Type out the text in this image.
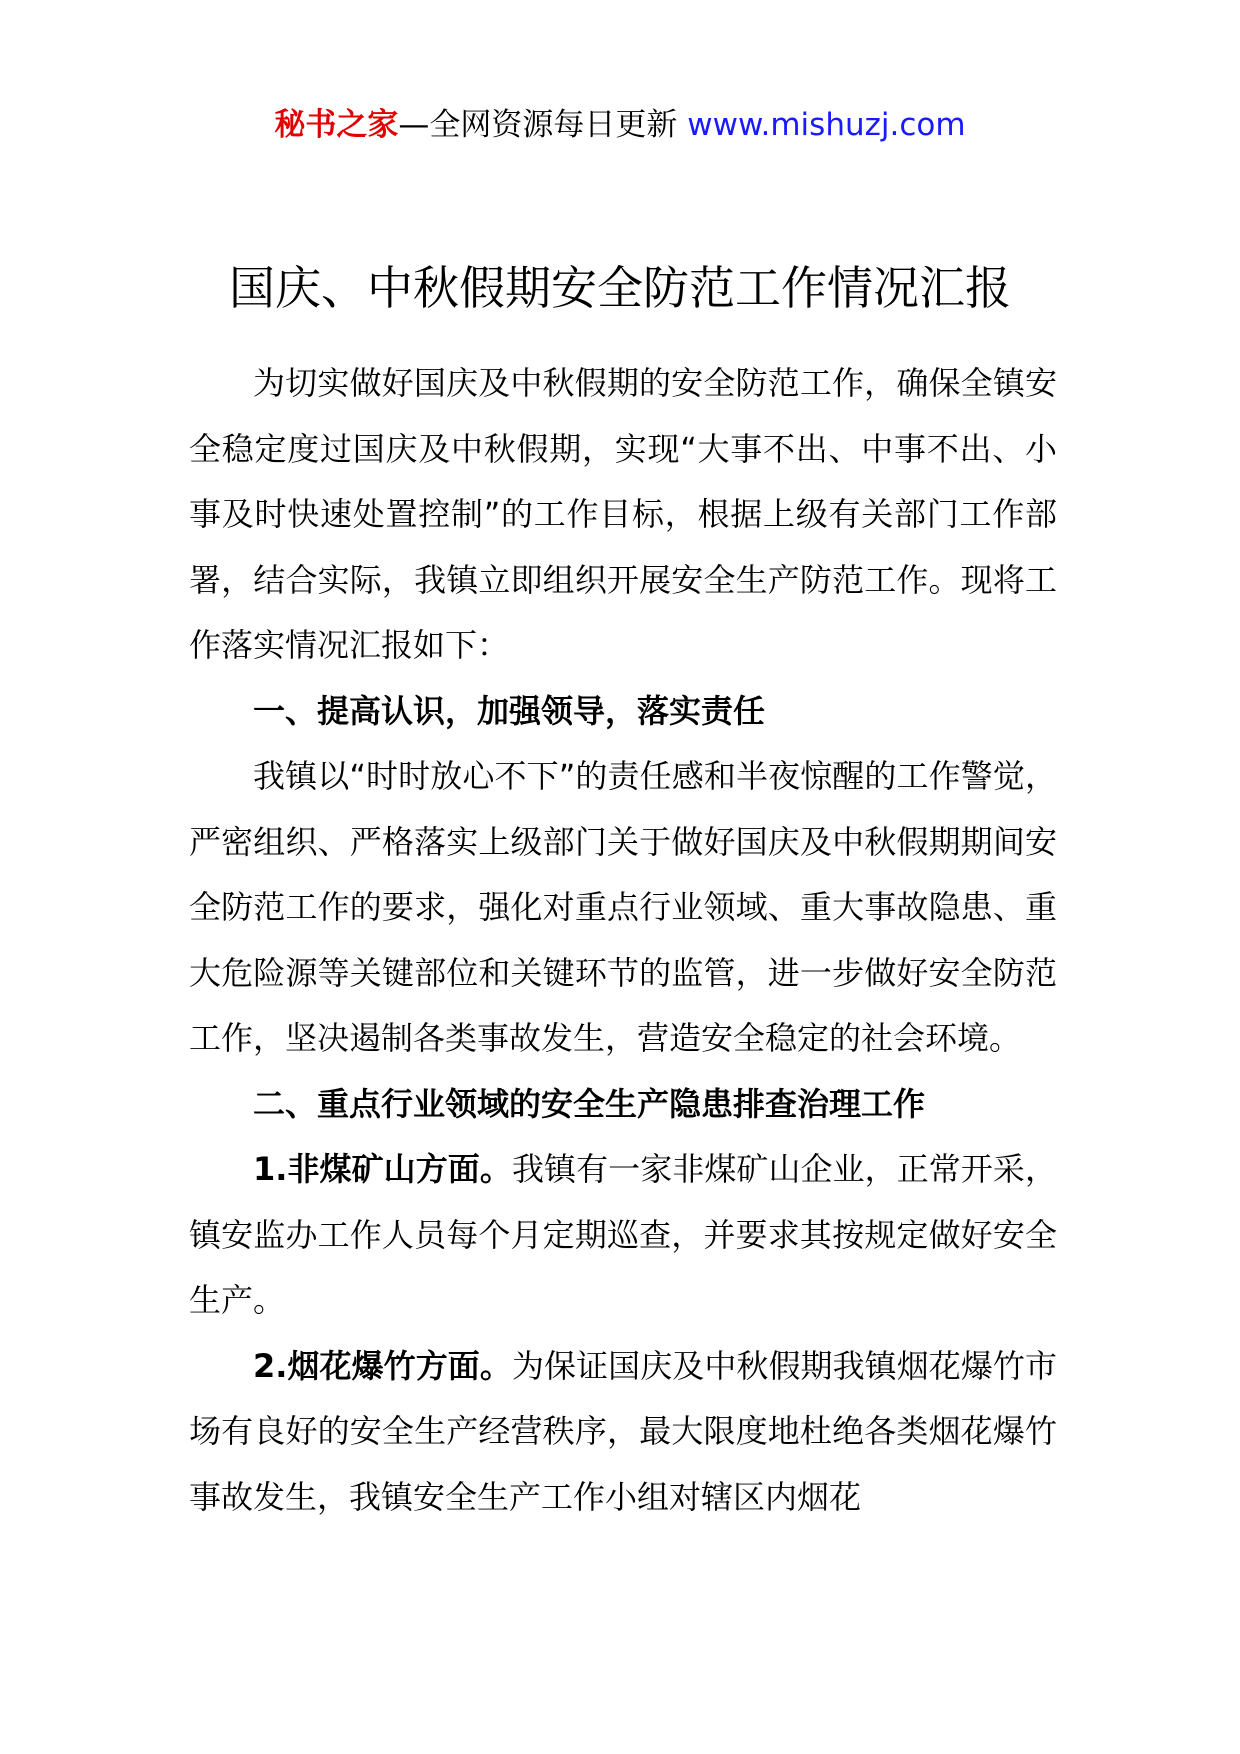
秘书之家—全网资源每日更新 www.mishuzj.com
国庆、中秋假期安全防范工作情况汇报

为切实做好国庆及中秋假期的安全防范工作，确保全镇安全稳定度过国庆及中秋假期，实现“大事不出、中事不出、小事及时快速处置控制”的工作目标，根据上级有关部门工作部署，结合实际，我镇立即组织开展安全生产防范工作。现将工作落实情况汇报如下：

一、提高认识，加强领导，落实责任

我镇以“时时放心不下”的责任感和半夜惊醒的工作警觉，严密组织、严格落实上级部门关于做好国庆及中秋假期期间安全防范工作的要求，强化对重点行业领域、重大事故隐患、重大危险源等关键部位和关键环节的监管，进一步做好安全防范工作，坚决遏制各类事故发生，营造安全稳定的社会环境。

二、重点行业领域的安全生产隐患排查治理工作

1.非煤矿山方面。我镇有一家非煤矿山企业，正常开采，镇安监办工作人员每个月定期巡查，并要求其按规定做好安全生产。

2.烟花爆竹方面。为保证国庆及中秋假期我镇烟花爆竹市场有良好的安全生产经营秩序，最大限度地杜绝各类烟花爆竹事故发生，我镇安全生产工作小组对辖区内烟花
